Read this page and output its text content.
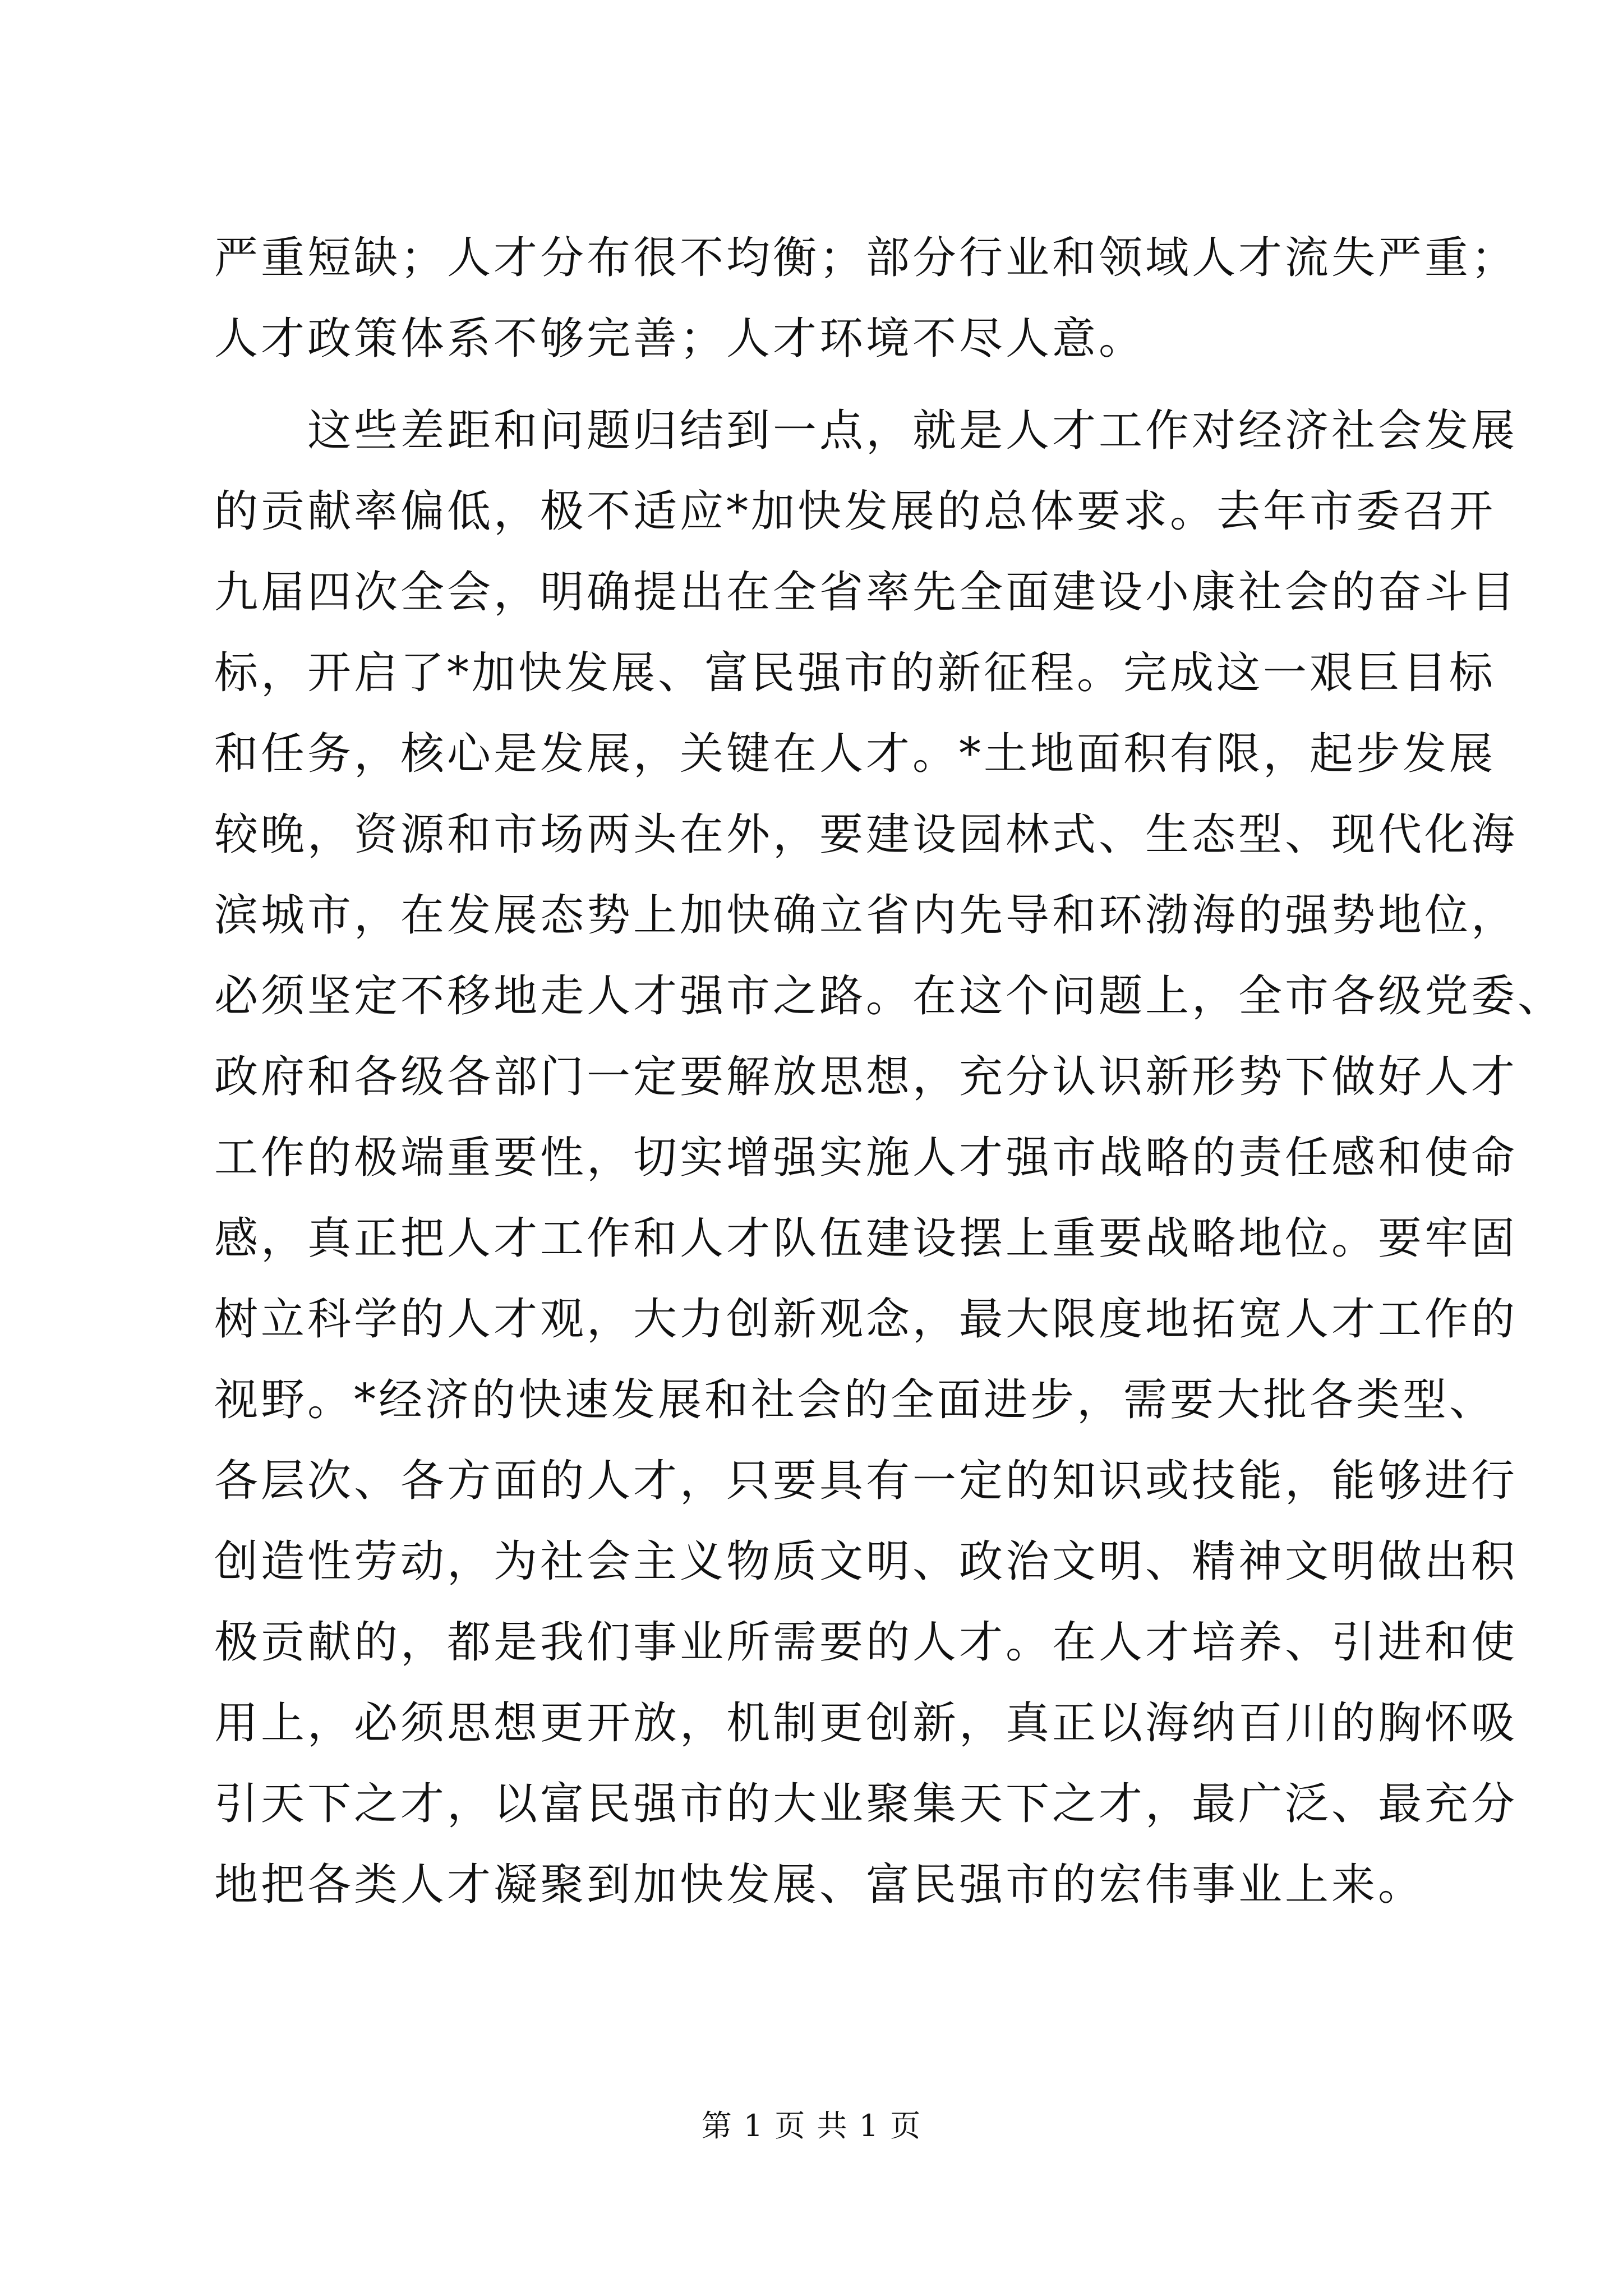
严重短缺；人才分布很不均衡；部分行业和领域人才流失严重；
人才政策体系不够完善；人才环境不尽人意。
　　这些差距和问题归结到一点，就是人才工作对经济社会发展
的贡献率偏低，极不适应*加快发展的总体要求。去年市委召开
九届四次全会，明确提出在全省率先全面建设小康社会的奋斗目
标，开启了*加快发展、富民强市的新征程。完成这一艰巨目标
和任务，核心是发展，关键在人才。*土地面积有限，起步发展
较晚，资源和市场两头在外，要建设园林式、生态型、现代化海
滨城市，在发展态势上加快确立省内先导和环渤海的强势地位，
必须坚定不移地走人才强市之路。在这个问题上，全市各级党委、
政府和各级各部门一定要解放思想，充分认识新形势下做好人才
工作的极端重要性，切实增强实施人才强市战略的责任感和使命
感，真正把人才工作和人才队伍建设摆上重要战略地位。要牢固
树立科学的人才观，大力创新观念，最大限度地拓宽人才工作的
视野。*经济的快速发展和社会的全面进步，需要大批各类型、
各层次、各方面的人才，只要具有一定的知识或技能，能够进行
创造性劳动，为社会主义物质文明、政治文明、精神文明做出积
极贡献的，都是我们事业所需要的人才。在人才培养、引进和使
用上，必须思想更开放，机制更创新，真正以海纳百川的胸怀吸
引天下之才，以富民强市的大业聚集天下之才，最广泛、最充分
地把各类人才凝聚到加快发展、富民强市的宏伟事业上来。
第 1 页 共 1 页
